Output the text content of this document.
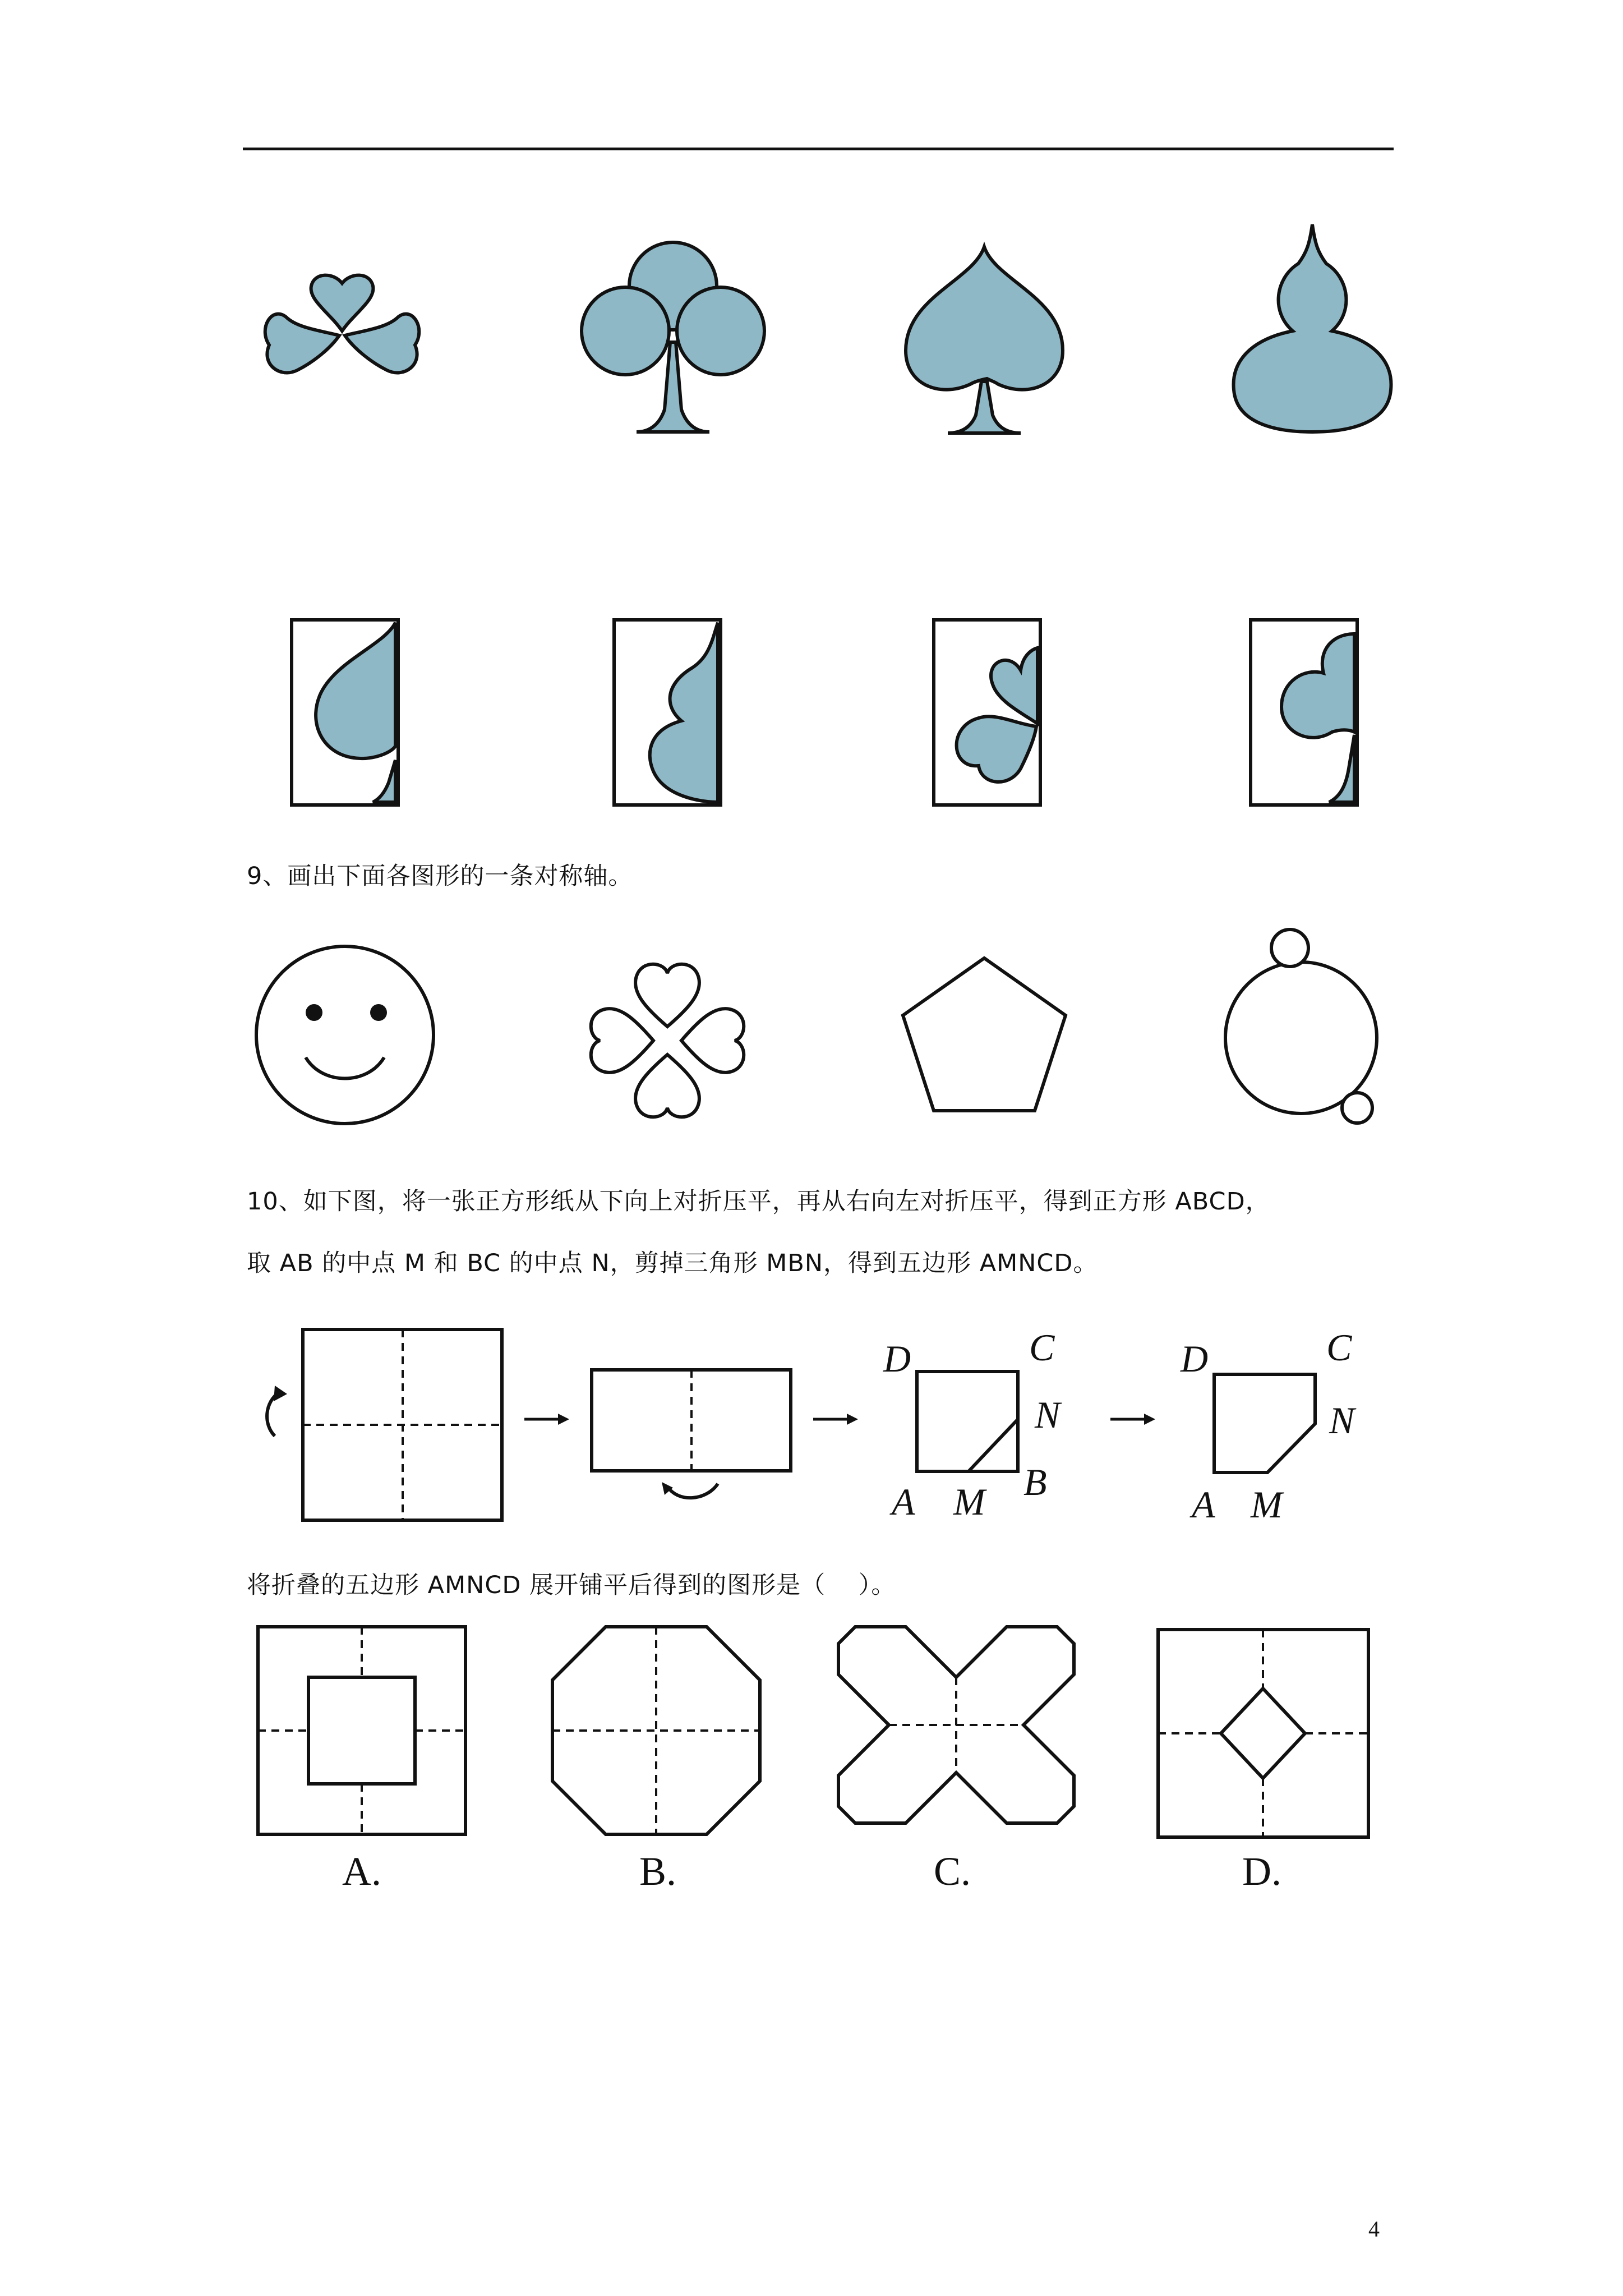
9、画出下面各图形的一条对称轴。
10、如下图，将一张正方形纸从下向上对折压平，再从右向左对折压平，得到正方形 ABCD，
取 AB 的中点 M 和 BC 的中点 N，剪掉三角形 MBN，得到五边形 AMNCD。
D	C
N
A M B
D	C
N
A M
将折叠的五边形 AMNCD 展开铺平后得到的图形是（　 ）。
A.	B.	C.	D.
4
